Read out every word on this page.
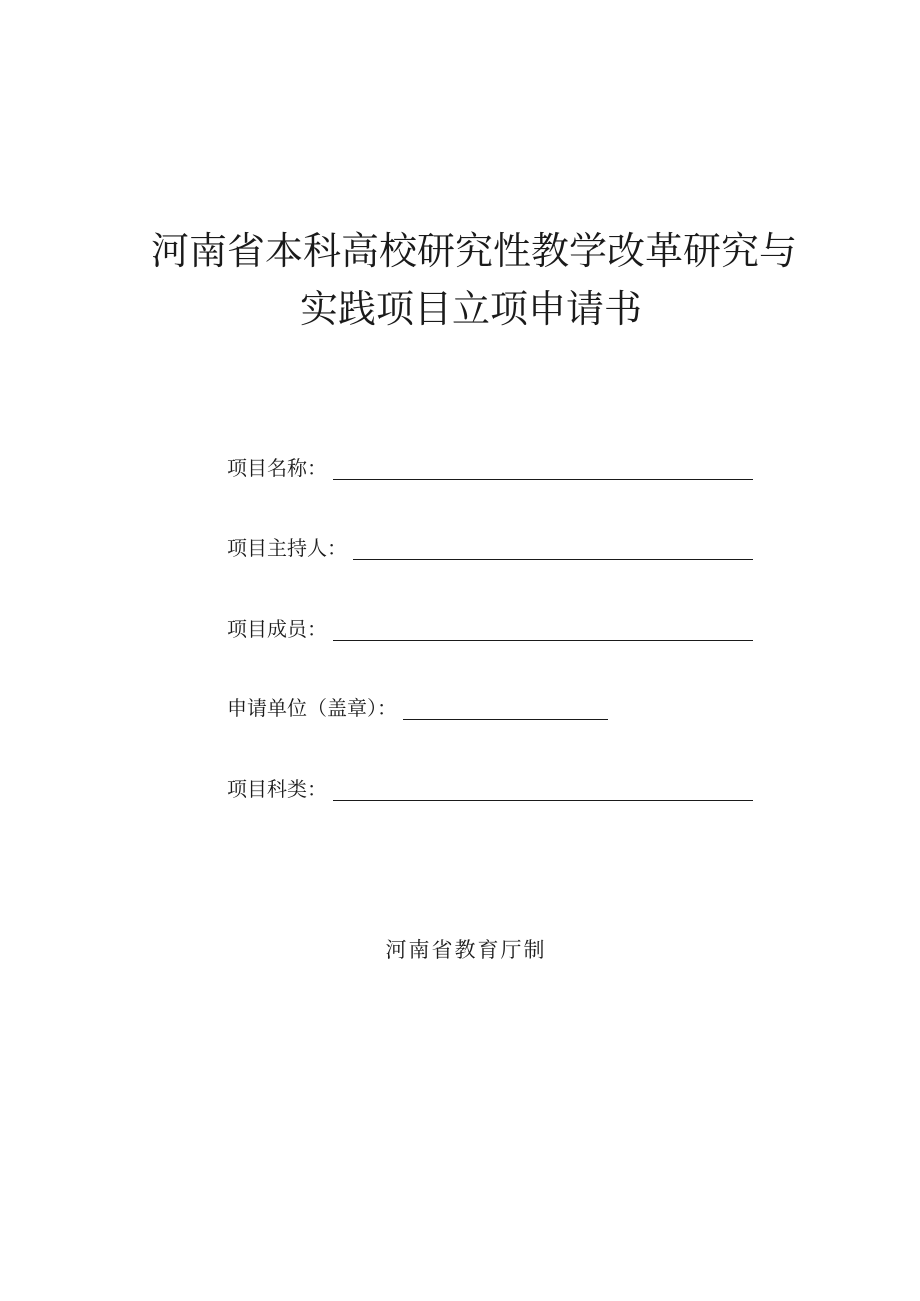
河南省本科高校研究性教学改革研究与
实践项目立项申请书
项目名称：
项目主持人：
项目成员：
申请单位（盖章）：
项目科类：
河南省教育厅制
